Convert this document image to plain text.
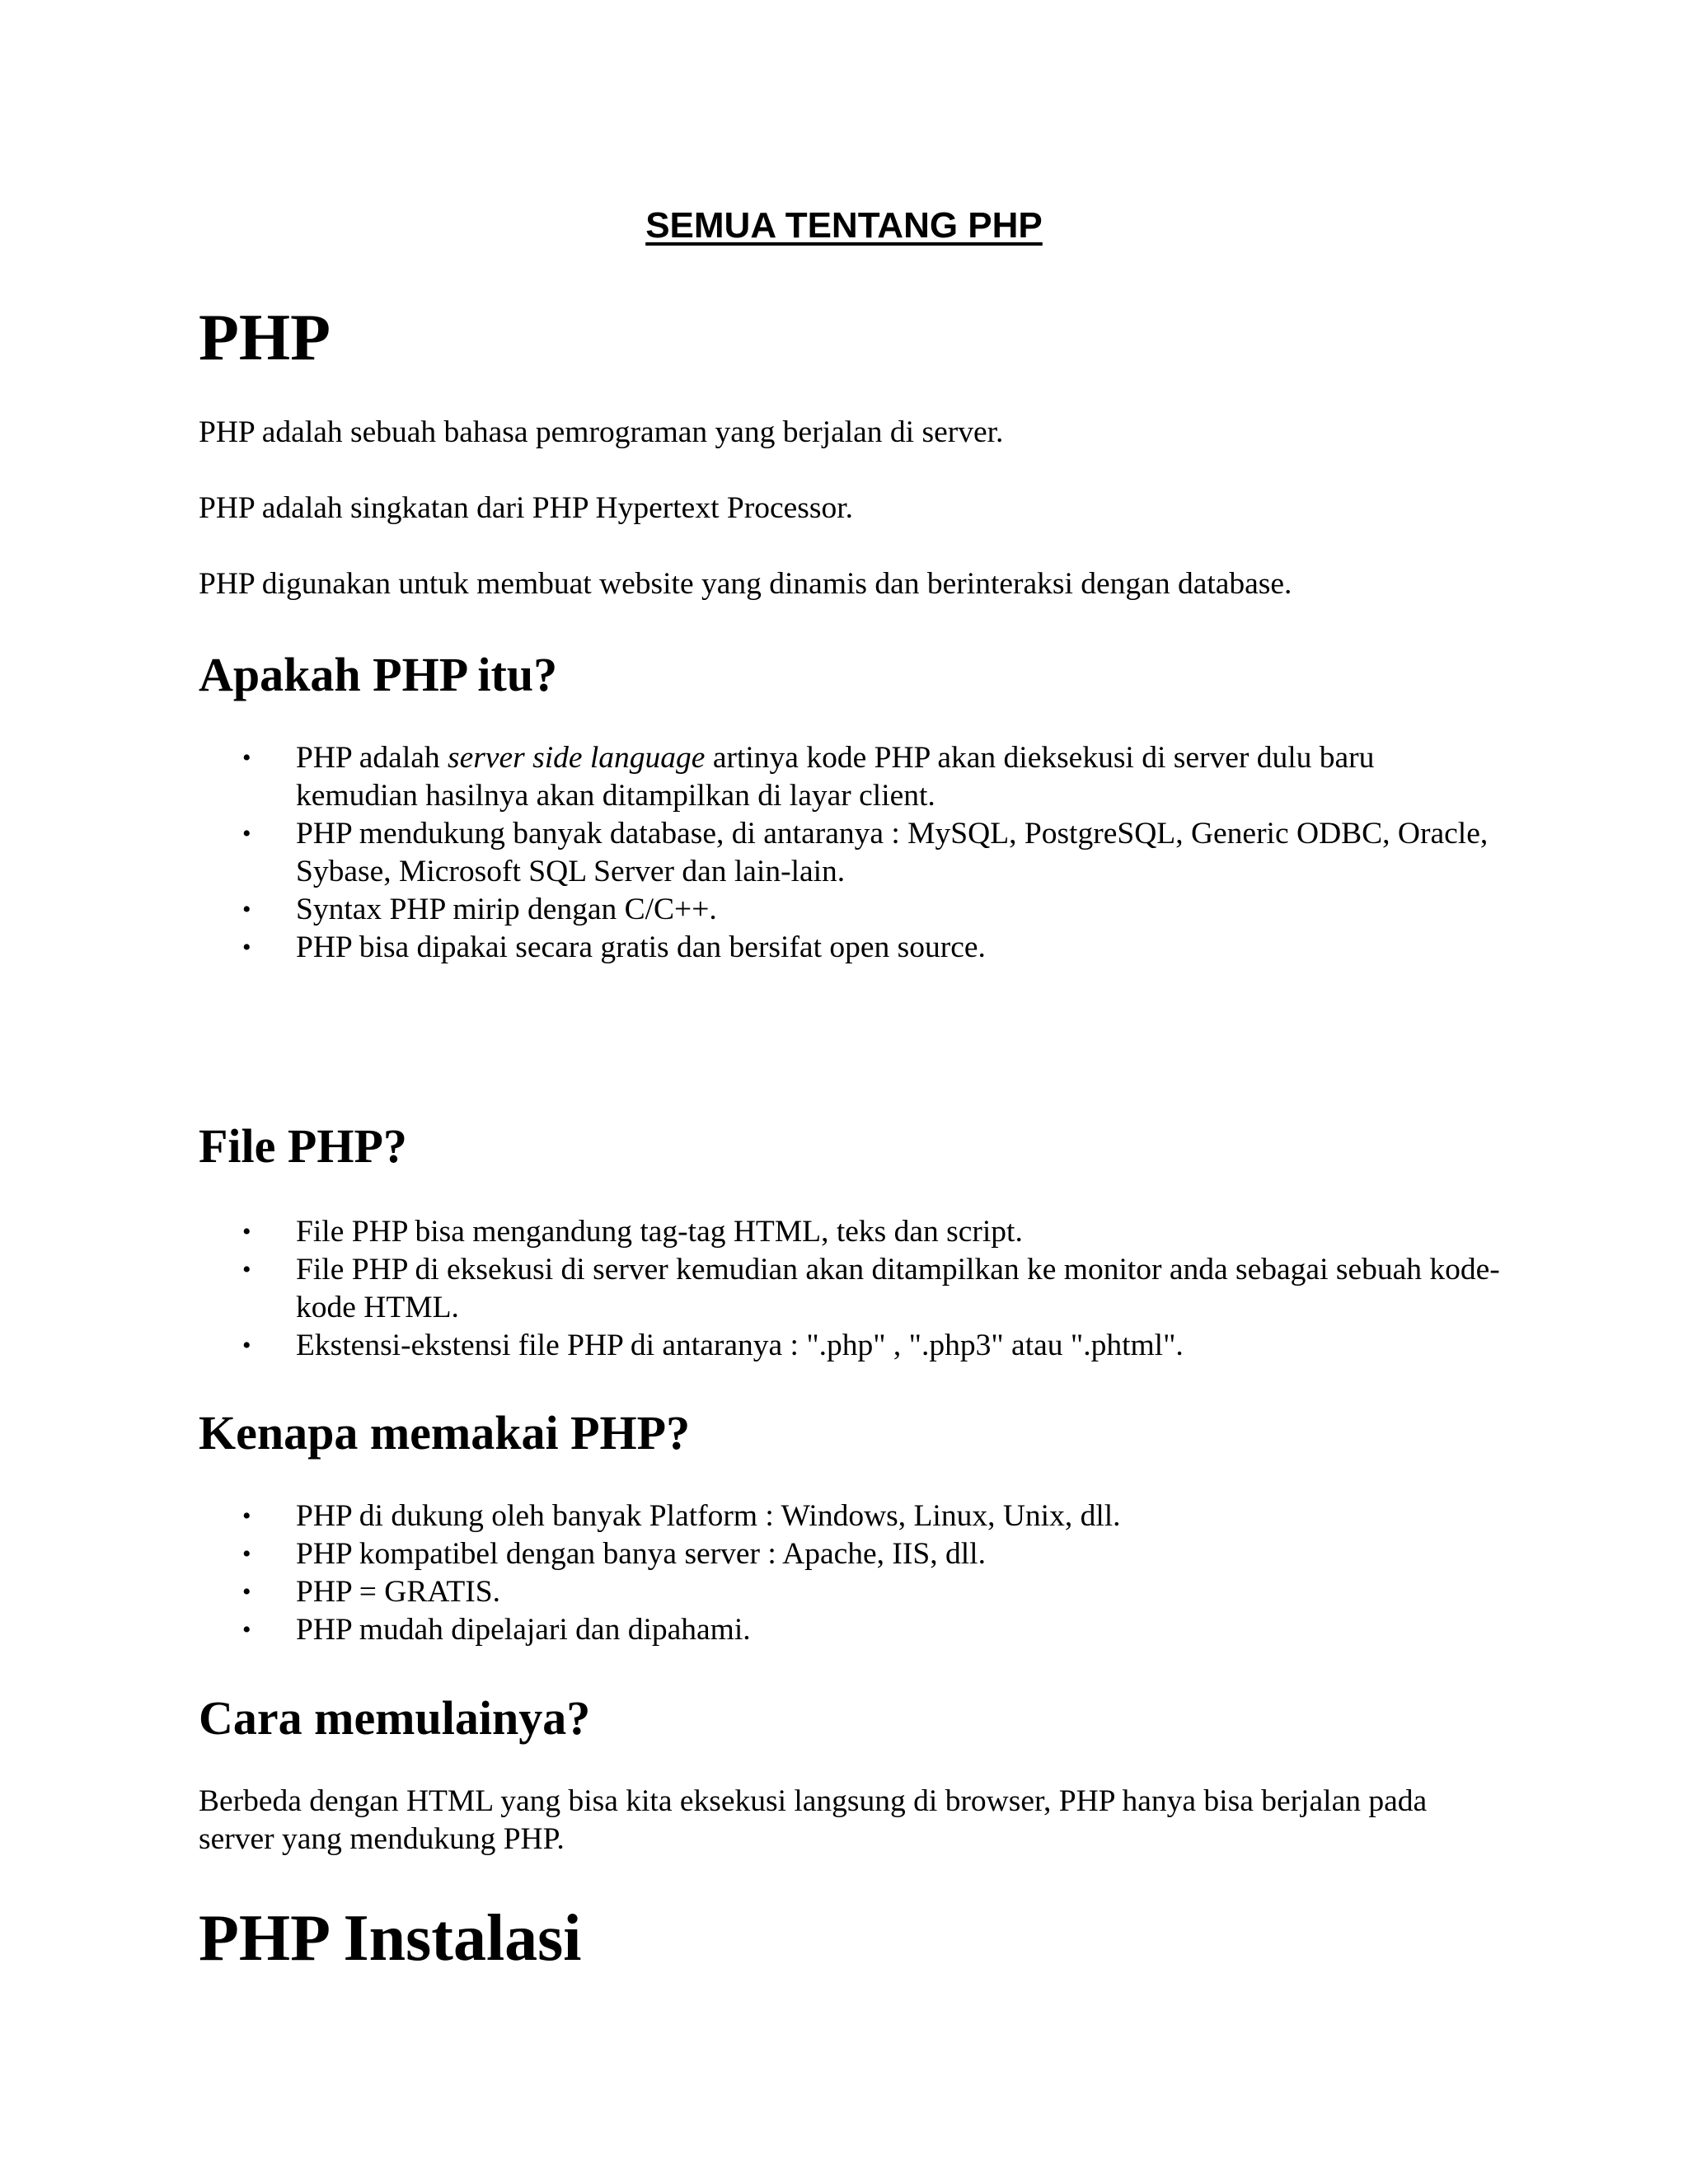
SEMUA TENTANG PHP
PHP

PHP adalah sebuah bahasa pemrograman yang berjalan di server.

PHP adalah singkatan dari PHP Hypertext Processor.

PHP digunakan untuk membuat website yang dinamis dan berinteraksi dengan database.

Apakah PHP itu?
• PHP adalah server side language artinya kode PHP akan dieksekusi di server dulu baru kemudian hasilnya akan ditampilkan di layar client.
• PHP mendukung banyak database, di antaranya : MySQL, PostgreSQL, Generic ODBC, Oracle, Sybase, Microsoft SQL Server dan lain-lain.
• Syntax PHP mirip dengan C/C++.
• PHP bisa dipakai secara gratis dan bersifat open source.
File PHP?
• File PHP bisa mengandung tag-tag HTML, teks dan script.
• File PHP di eksekusi di server kemudian akan ditampilkan ke monitor anda sebagai sebuah kode-kode HTML.
• Ekstensi-ekstensi file PHP di antaranya : ".php" , ".php3" atau ".phtml".
Kenapa memakai PHP?
• PHP di dukung oleh banyak Platform : Windows, Linux, Unix, dll.
• PHP kompatibel dengan banya server : Apache, IIS, dll.
• PHP = GRATIS.
• PHP mudah dipelajari dan dipahami.
Cara memulainya?

Berbeda dengan HTML yang bisa kita eksekusi langsung di browser, PHP hanya bisa berjalan pada server yang mendukung PHP.

PHP Instalasi
